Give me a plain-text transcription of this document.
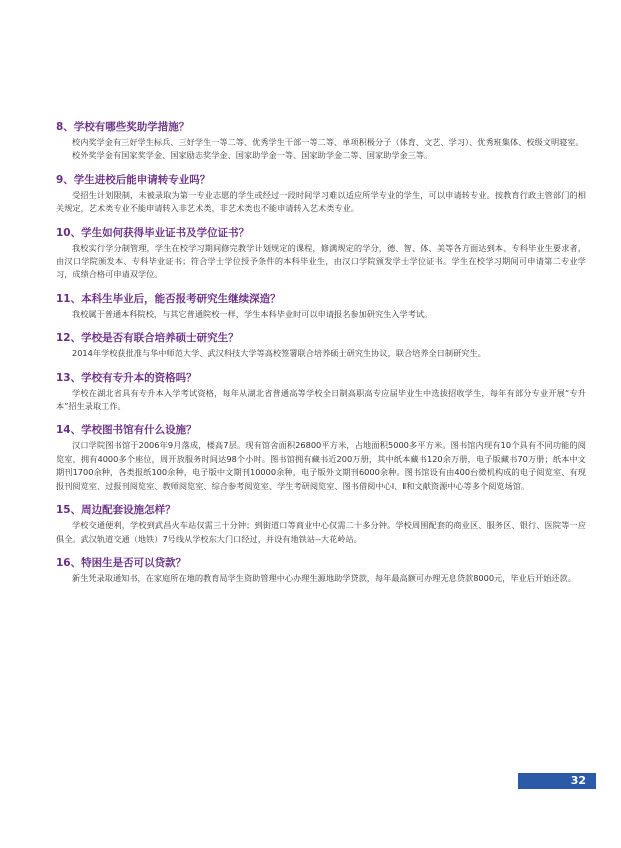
8、学校有哪些奖助学措施？

校内奖学金有三好学生标兵、三好学生一等二等、优秀学生干部一等二等、单项积极分子（体育、文艺、学习）、优秀班集体、校级文明寝室。

校外奖学金有国家奖学金、国家励志奖学金、国家助学金一等、国家助学金二等、国家助学金三等。

9、学生进校后能申请转专业吗？

受招生计划限制，未被录取为第一专业志愿的学生或经过一段时间学习难以适应所学专业的学生，可以申请转专业。按教育行政主管部门的相关规定，艺术类专业不能申请转入非艺术类，非艺术类也不能申请转入艺术类专业。

10、学生如何获得毕业证书及学位证书？

我校实行学分制管理，学生在校学习期间修完教学计划规定的课程，修满规定的学分，德、智、体、美等各方面达到本、专科毕业生要求者，由汉口学院颁发本、专科毕业证书；符合学士学位授予条件的本科毕业生，由汉口学院颁发学士学位证书。学生在校学习期间可申请第二专业学习，成绩合格可申请双学位。

11、本科生毕业后，能否报考研究生继续深造？

我校属于普通本科院校，与其它普通院校一样，学生本科毕业时可以申请报名参加研究生入学考试。

12、学校是否有联合培养硕士研究生？

2014年学校获批准与华中师范大学、武汉科技大学等高校签署联合培养硕士研究生协议，联合培养全日制研究生。

13、学校有专升本的资格吗？

学校在湖北省具有专升本入学考试资格，每年从湖北省普通高等学校全日制高职高专应届毕业生中选拔招收学生，每年有部分专业开展“专升本”招生录取工作。

14、学校图书馆有什么设施？

汉口学院图书馆于2006年9月落成，楼高7层。现有馆舍面积26800平方米，占地面积5000多平方米。图书馆内现有10个具有不同功能的阅览室，拥有4000多个座位，周开放服务时间达98个小时。图书馆拥有藏书近200万册，其中纸本藏书120余万册，电子版藏书70万册；纸本中文期刊1700余种，各类报纸100余种，电子版中文期刊10000余种，电子版外文期刊6000余种。图书馆设有由400台微机构成的电子阅览室、有现报刊阅览室、过报刊阅览室、教师阅览室、综合参考阅览室、学生考研阅览室、图书借阅中心Ⅰ、Ⅱ和文献资源中心等多个阅览场馆。

15、周边配套设施怎样？

学校交通便利，学校到武昌火车站仅需三十分钟；到街道口等商业中心仅需二十多分钟。学校周围配套的商业区、服务区、银行、医院等一应俱全。武汉轨道交通（地铁）7号线从学校东大门口经过，并设有地铁站--大花岭站。

16、特困生是否可以贷款？

新生凭录取通知书，在家庭所在地的教育局学生资助管理中心办理生源地助学贷款，每年最高额可办理无息贷款8000元，毕业后开始还款。

32
